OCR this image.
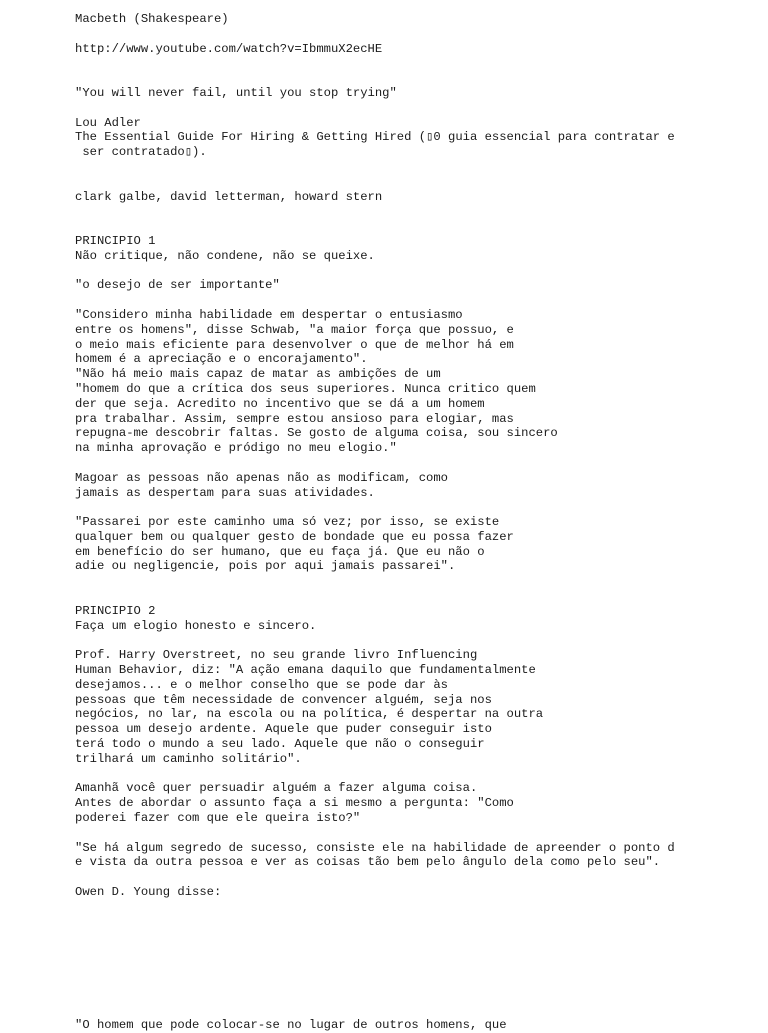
Macbeth (Shakespeare)
http://www.youtube.com/watch?v=IbmmuX2ecHE
"You will never fail, until you stop trying"
Lou Adler
The Essential Guide For Hiring & Getting Hired (▯0 guia essencial para contratar e
ser contratado▯).
clark galbe, david letterman, howard stern
PRINCIPIO 1
Não critique, não condene, não se queixe.
"o desejo de ser importante"
"Considero minha habilidade em despertar o entusiasmo
entre os homens", disse Schwab, "a maior força que possuo, e
o meio mais eficiente para desenvolver o que de melhor há em
homem é a apreciação e o encorajamento".
"Não há meio mais capaz de matar as ambições de um
"homem do que a crítica dos seus superiores. Nunca critico quem
der que seja. Acredito no incentivo que se dá a um homem
pra trabalhar. Assim, sempre estou ansioso para elogiar, mas
repugna-me descobrir faltas. Se gosto de alguma coisa, sou sincero
na minha aprovação e pródigo no meu elogio."
Magoar as pessoas não apenas não as modificam, como
jamais as despertam para suas atividades.
"Passarei por este caminho uma só vez; por isso, se existe
qualquer bem ou qualquer gesto de bondade que eu possa fazer
em benefício do ser humano, que eu faça já. Que eu não o
adie ou negligencie, pois por aqui jamais passarei".
PRINCIPIO 2
Faça um elogio honesto e sincero.
Prof. Harry Overstreet, no seu grande livro Influencing
Human Behavior, diz: "A ação emana daquilo que fundamentalmente
desejamos... e o melhor conselho que se pode dar às
pessoas que têm necessidade de convencer alguém, seja nos
negócios, no lar, na escola ou na política, é despertar na outra
pessoa um desejo ardente. Aquele que puder conseguir isto
terá todo o mundo a seu lado. Aquele que não o conseguir
trilhará um caminho solitário".
Amanhã você quer persuadir alguém a fazer alguma coisa.
Antes de abordar o assunto faça a si mesmo a pergunta: "Como
poderei fazer com que ele queira isto?"
"Se há algum segredo de sucesso, consiste ele na habilidade de apreender o ponto d
e vista da outra pessoa e ver as coisas tão bem pelo ângulo dela como pelo seu".
Owen D. Young disse:
"O homem que pode colocar-se no lugar de outros homens, que
